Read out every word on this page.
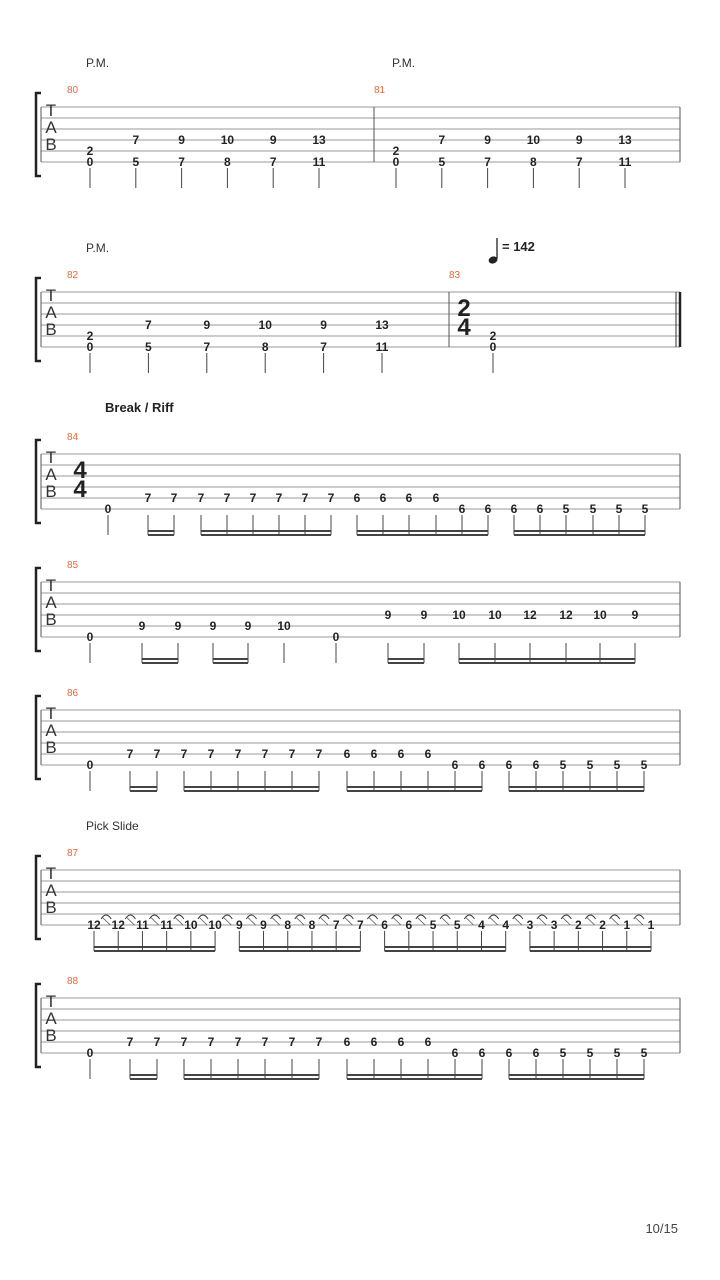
T
A
B
80
P.M.
2
0
7
5
9
7
10
8
9
7
13
11
81
P.M.
2
0
7
5
9
7
10
8
9
7
13
11
T
A
B
= 142
82
P.M.
2
0
7
5
9
7
10
8
9
7
13
11
83
2
4 2
0
T
A
B
Break / Riff
84
4
4
0
7 7 7 7 7 7 7 7 6 6 6 6
6 6 6 6 5 5 5 5
T
A
B
85
0
9 9 9 9 10
0
9 9 10 10 12 12 10 9
T
A
B
86
0
7 7 7 7 7 7 7 7 6 6 6 6
6 6 6 6 5 5 5 5
T
A
B
87
Pick Slide
12 12 11 11 10 10 9 9 8 8 7 7 6 6 5 5 4 4 3 3 2 2 1 1
T
A
B
88
0
7 7 7 7 7 7 7 7 6 6 6 6
6 6 6 6 5 5 5 5
10/15
